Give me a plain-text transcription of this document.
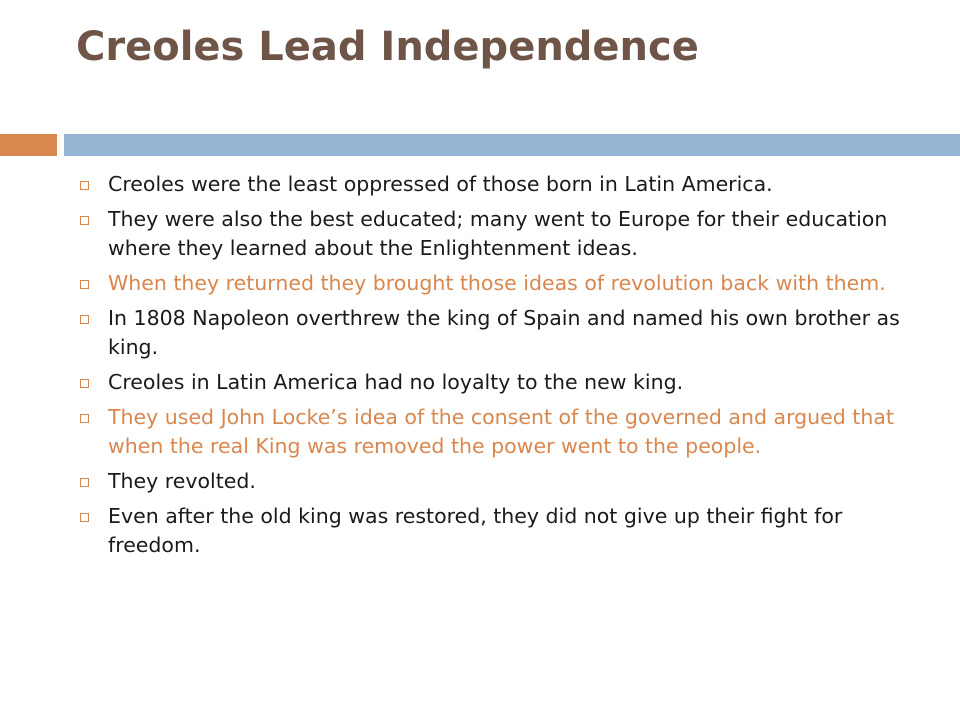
Creoles Lead Independence
Creoles were the least oppressed of those born in Latin America.
They were also the best educated; many went to Europe for their education where they learned about the Enlightenment ideas.
When they returned they brought those ideas of revolution back with them.
In 1808 Napoleon overthrew the king of Spain and named his own brother as king.
Creoles in Latin America had no loyalty to the new king.
They used John Locke’s idea of the consent of the governed and argued that when the real King was removed the power went to the people.
They revolted.
Even after the old king was restored, they did not give up their fight for freedom.
